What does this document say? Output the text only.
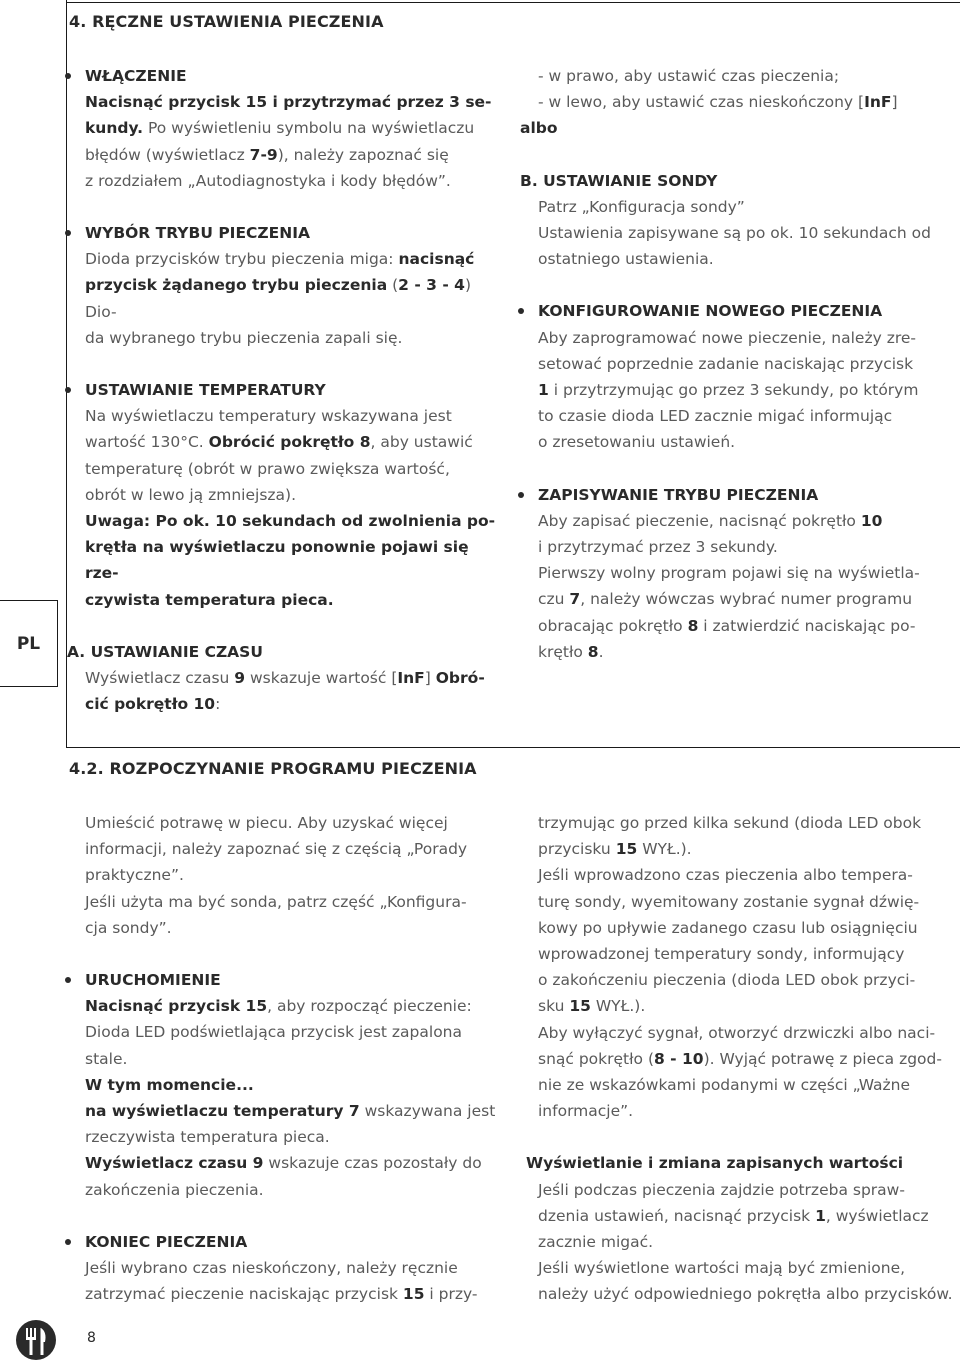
4. RĘCZNE USTAWIENIA PIECZENIA

WŁĄCZENIE

Nacisnąć przycisk 15 i przytrzymać przez 3 se-

kundy. Po wyświetleniu symbolu na wyświetlaczu

błędów (wyświetlacz 7-9), należy zapoznać się

z rozdziałem „Autodiagnostyka i kody błędów”.

WYBÓR TRYBU PIECZENIA

Dioda przycisków trybu pieczenia miga: nacisnąć

przycisk żądanego trybu pieczenia (2 - 3 - 4) Dio-

da wybranego trybu pieczenia zapali się.

USTAWIANIE TEMPERATURY

Na wyświetlaczu temperatury wskazywana jest

wartość 130°C. Obrócić pokrętło 8, aby ustawić

temperaturę (obrót w prawo zwiększa wartość,

obrót w lewo ją zmniejsza).

Uwaga: Po ok. 10 sekundach od zwolnienia po-

krętła na wyświetlaczu ponownie pojawi się rze-

czywista temperatura pieca.

A. USTAWIANIE CZASU

Wyświetlacz czasu 9 wskazuje wartość [InF] Obró-

cić pokrętło 10:

- w prawo, aby ustawić czas pieczenia;

- w lewo, aby ustawić czas nieskończony [InF]

albo

B. USTAWIANIE SONDY

Patrz „Konfiguracja sondy”

Ustawienia zapisywane są po ok. 10 sekundach od

ostatniego ustawienia.

KONFIGUROWANIE NOWEGO PIECZENIA

Aby zaprogramować nowe pieczenie, należy zre-

setować poprzednie zadanie naciskając przycisk

1 i przytrzymując go przez 3 sekundy, po którym

to czasie dioda LED zacznie migać informując

o zresetowaniu ustawień.

ZAPISYWANIE TRYBU PIECZENIA

Aby zapisać pieczenie, nacisnąć pokrętło 10

i przytrzymać przez 3 sekundy.

Pierwszy wolny program pojawi się na wyświetla-

czu 7, należy wówczas wybrać numer programu

obracając pokrętło 8 i zatwierdzić naciskając po-

krętło 8.

PL
4.2. ROZPOCZYNANIE PROGRAMU PIECZENIA

Umieścić potrawę w piecu. Aby uzyskać więcej

informacji, należy zapoznać się z częścią „Porady

praktyczne”.

Jeśli użyta ma być sonda, patrz część „Konfigura-

cja sondy”.

URUCHOMIENIE

Nacisnąć przycisk 15, aby rozpocząć pieczenie:

Dioda LED podświetlająca przycisk jest zapalona

stale.

W tym momencie...

na wyświetlaczu temperatury 7 wskazywana jest

rzeczywista temperatura pieca.

Wyświetlacz czasu 9 wskazuje czas pozostały do

zakończenia pieczenia.

KONIEC PIECZENIA

Jeśli wybrano czas nieskończony, należy ręcznie

zatrzymać pieczenie naciskając przycisk 15 i przy-

trzymując go przed kilka sekund (dioda LED obok

przycisku 15 WYŁ.).

Jeśli wprowadzono czas pieczenia albo tempera-

turę sondy, wyemitowany zostanie sygnał dźwię-

kowy po upływie zadanego czasu lub osiągnięciu

wprowadzonej temperatury sondy, informujący

o zakończeniu pieczenia (dioda LED obok przyci-

sku 15 WYŁ.).

Aby wyłączyć sygnał, otworzyć drzwiczki albo naci-

snąć pokrętło (8 - 10). Wyjąć potrawę z pieca zgod-

nie ze wskazówkami podanymi w części „Ważne

informacje”.

Wyświetlanie i zmiana zapisanych wartości

Jeśli podczas pieczenia zajdzie potrzeba spraw-

dzenia ustawień, nacisnąć przycisk 1, wyświetlacz

zacznie migać.

Jeśli wyświetlone wartości mają być zmienione,

należy użyć odpowiedniego pokrętła albo przycisków.

8
